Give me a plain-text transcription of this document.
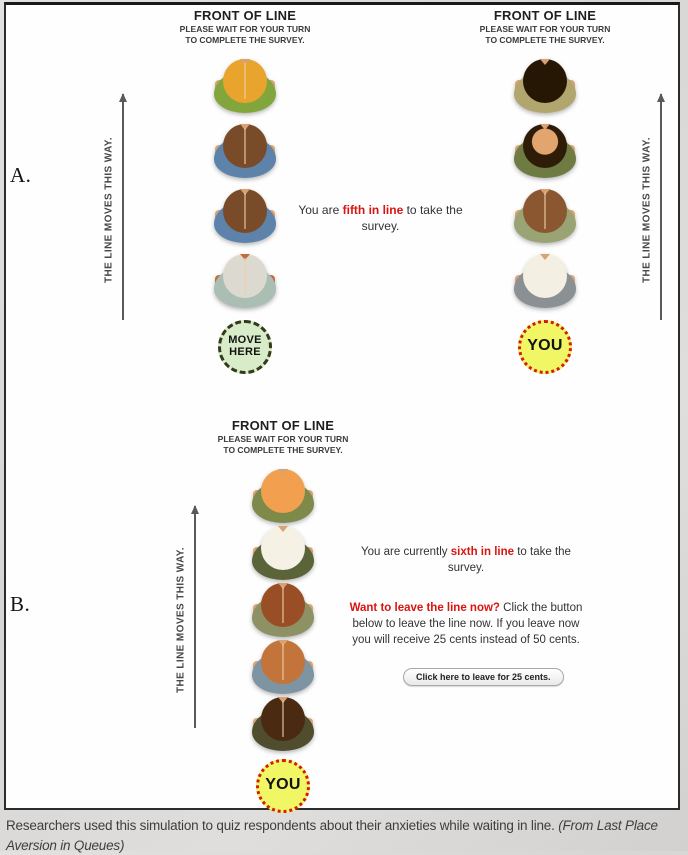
A.
B.
FRONT OF LINE
PLEASE WAIT FOR YOUR TURN
TO COMPLETE THE SURVEY.
MOVE
HERE
FRONT OF LINE
PLEASE WAIT FOR YOUR TURN
TO COMPLETE THE SURVEY.
YOU
THE LINE MOVES THIS WAY.	THE LINE MOVES THIS WAY.
You are fifth in line to take the survey.
FRONT OF LINE
PLEASE WAIT FOR YOUR TURN
TO COMPLETE THE SURVEY.
YOU
THE LINE MOVES THIS WAY.	You are currently sixth in line to take the survey.
Want to leave the line now? Click the button below to leave the line now. If you leave now you will receive 25 cents instead of 50 cents.
Click here to leave for 25 cents.
Researchers used this simulation to quiz respondents about their anxieties while waiting in line. (From Last Place Aversion in Queues)
